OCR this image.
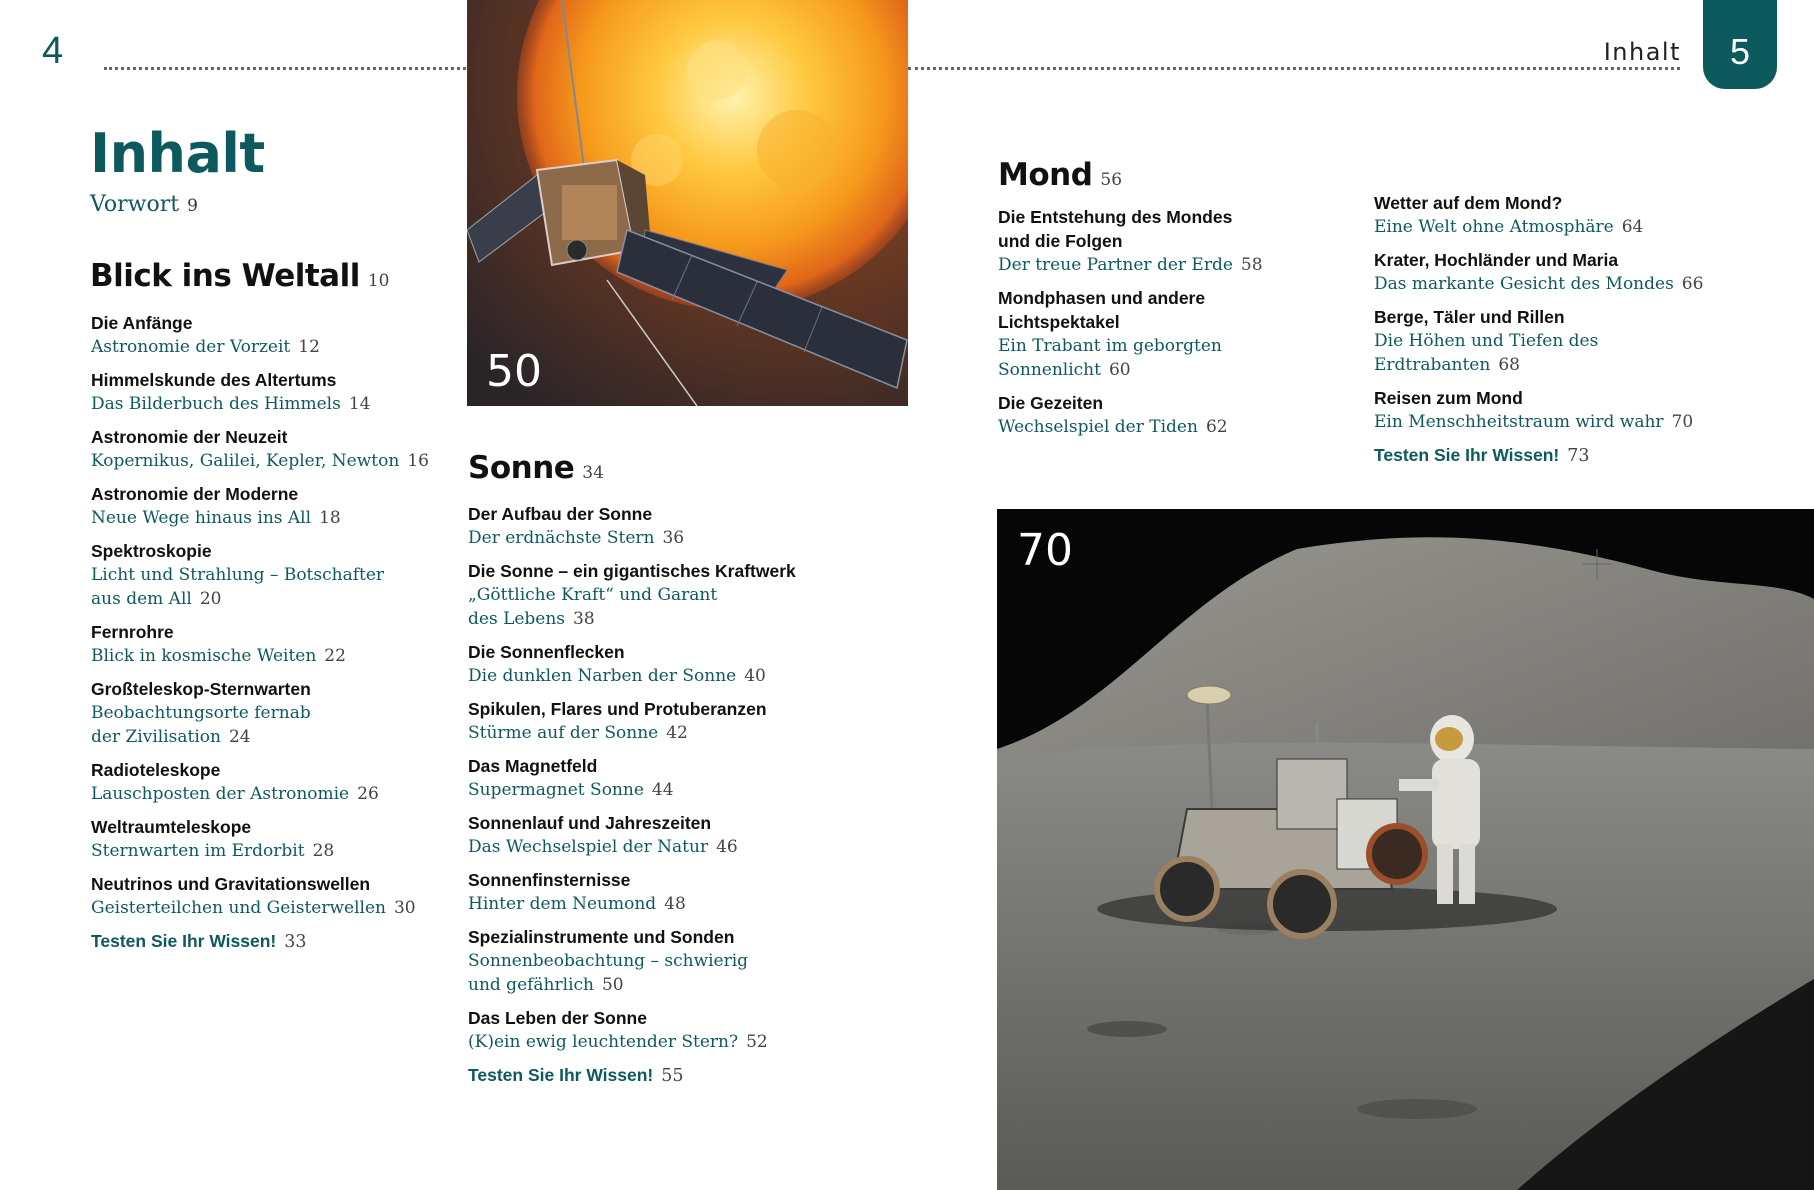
4	Inhalt 5
Inhalt
Vorwort 9
Blick ins Weltall 10
Die Anfänge
Astronomie der Vorzeit 12
Himmelskunde des Altertums
Das Bilderbuch des Himmels 14
Astronomie der Neuzeit
Kopernikus, Galilei, Kepler, Newton 16
Astronomie der Moderne
Neue Wege hinaus ins All 18
Spektroskopie
Licht und Strahlung – Botschafter
aus dem All 20
Fernrohre
Blick in kosmische Weiten 22
Großteleskop-Sternwarten
Beobachtungsorte fernab
der Zivilisation 24
Radioteleskope
Lauschposten der Astronomie 26
Weltraumteleskope
Sternwarten im Erdorbit 28
Neutrinos und Gravitationswellen
Geisterteilchen und Geisterwellen 30
Testen Sie Ihr Wissen! 33
50
Sonne 34
Der Aufbau der Sonne
Der erdnächste Stern 36
Die Sonne – ein gigantisches Kraftwerk
„Göttliche Kraft“ und Garant
des Lebens 38
Die Sonnenflecken
Die dunklen Narben der Sonne 40
Spikulen, Flares und Protuberanzen
Stürme auf der Sonne 42
Das Magnetfeld
Supermagnet Sonne 44
Sonnenlauf und Jahreszeiten
Das Wechselspiel der Natur 46
Sonnenfinsternisse
Hinter dem Neumond 48
Spezialinstrumente und Sonden
Sonnenbeobachtung – schwierig
und gefährlich 50
Das Leben der Sonne
(K)ein ewig leuchtender Stern? 52
Testen Sie Ihr Wissen! 55
Mond 56
Die Entstehung des Mondes
und die Folgen
Der treue Partner der Erde 58
Mondphasen und andere
Lichtspektakel
Ein Trabant im geborgten
Sonnenlicht 60
Die Gezeiten
Wechselspiel der Tiden 62
Wetter auf dem Mond?
Eine Welt ohne Atmosphäre 64
Krater, Hochländer und Maria
Das markante Gesicht des Mondes 66
Berge, Täler und Rillen
Die Höhen und Tiefen des
Erdtrabanten 68
Reisen zum Mond
Ein Menschheitstraum wird wahr 70
Testen Sie Ihr Wissen! 73
70
